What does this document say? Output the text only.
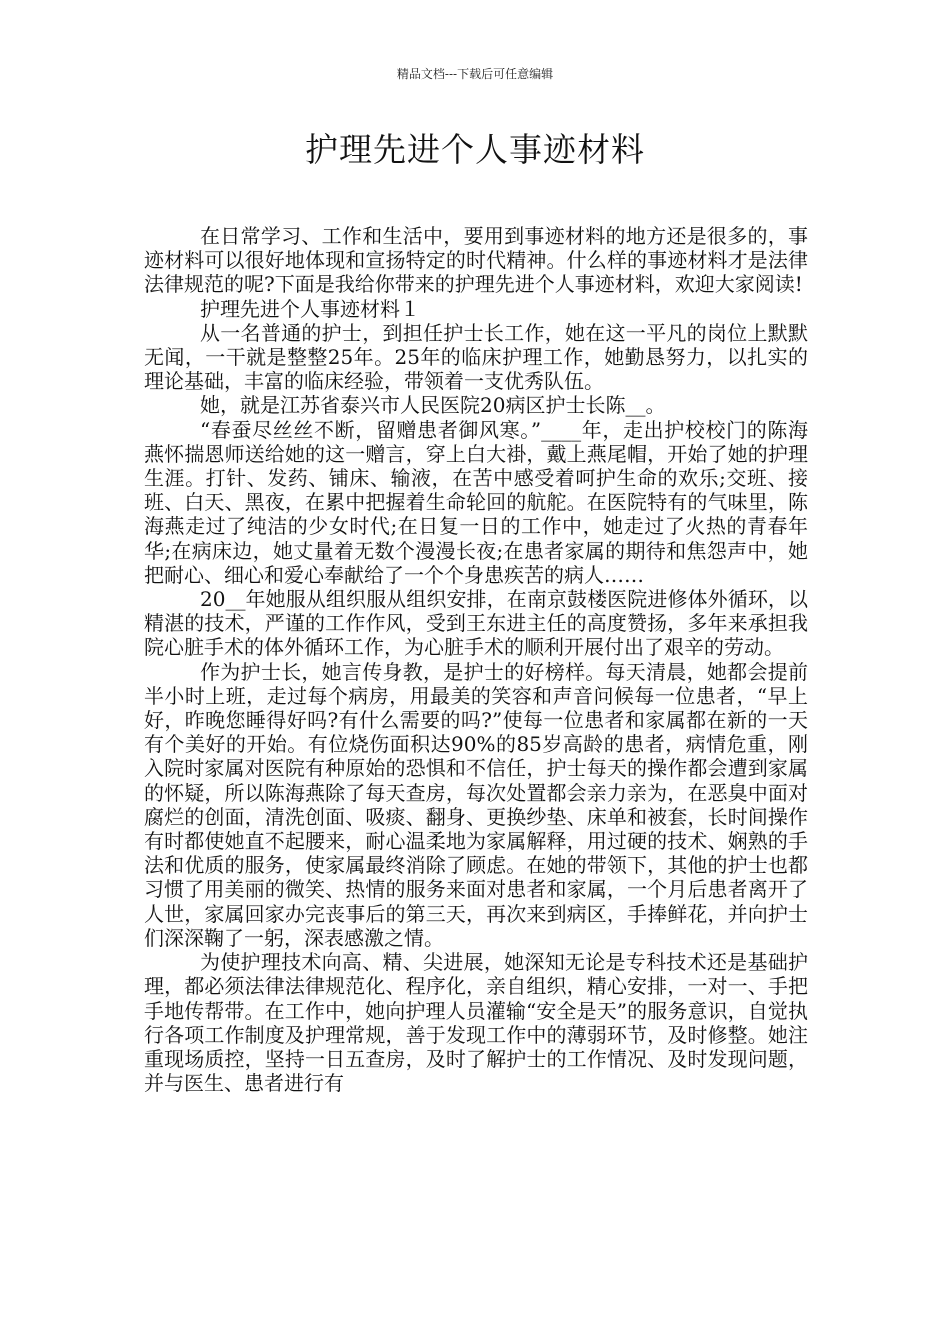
精品文档---下载后可任意编辑
护理先进个人事迹材料

在日常学习、工作和生活中，要用到事迹材料的地方还是很多的，事迹材料可以很好地体现和宣扬特定的时代精神。什么样的事迹材料才是法律法律规范的呢?下面是我给你带来的护理先进个人事迹材料，欢迎大家阅读!

护理先进个人事迹材料１

从一名普通的护士，到担任护士长工作，她在这一平凡的岗位上默默无闻，一干就是整整25年。25年的临床护理工作，她勤恳努力，以扎实的理论基础，丰富的临床经验，带领着一支优秀队伍。

她，就是江苏省泰兴市人民医院20病区护士长陈__。

“春蚕尽丝丝不断，留赠患者御风寒。”____年，走出护校校门的陈海燕怀揣恩师送给她的这一赠言，穿上白大褂，戴上燕尾帽，开始了她的护理生涯。打针、发药、铺床、输液，在苦中感受着呵护生命的欢乐;交班、接班、白天、黑夜，在累中把握着生命轮回的航舵。在医院特有的气味里，陈海燕走过了纯洁的少女时代;在日复一日的工作中，她走过了火热的青春年华;在病床边，她丈量着无数个漫漫长夜;在患者家属的期待和焦怨声中，她把耐心、细心和爱心奉献给了一个个身患疾苦的病人……

20__年她服从组织服从组织安排，在南京鼓楼医院进修体外循环，以精湛的技术，严谨的工作作风，受到王东进主任的高度赞扬，多年来承担我院心脏手术的体外循环工作，为心脏手术的顺利开展付出了艰辛的劳动。

作为护士长，她言传身教，是护士的好榜样。每天清晨，她都会提前半小时上班，走过每个病房，用最美的笑容和声音问候每一位患者，“早上好，昨晚您睡得好吗?有什么需要的吗?”使每一位患者和家属都在新的一天有个美好的开始。有位烧伤面积达90%的85岁高龄的患者，病情危重，刚入院时家属对医院有种原始的恐惧和不信任，护士每天的操作都会遭到家属的怀疑，所以陈海燕除了每天查房，每次处置都会亲力亲为，在恶臭中面对腐烂的创面，清洗创面、吸痰、翻身、更换纱垫、床单和被套，长时间操作有时都使她直不起腰来，耐心温柔地为家属解释，用过硬的技术、娴熟的手法和优质的服务，使家属最终消除了顾虑。在她的带领下，其他的护士也都习惯了用美丽的微笑、热情的服务来面对患者和家属，一个月后患者离开了人世，家属回家办完丧事后的第三天，再次来到病区，手捧鲜花，并向护士们深深鞠了一躬，深表感激之情。

为使护理技术向高、精、尖进展，她深知无论是专科技术还是基础护理，都必须法律法律规范化、程序化，亲自组织，精心安排，一对一、手把手地传帮带。在工作中，她向护理人员灌输“安全是天”的服务意识，自觉执行各项工作制度及护理常规，善于发现工作中的薄弱环节，及时修整。她注重现场质控，坚持一日五查房，及时了解护士的工作情况、及时发现问题，并与医生、患者进行有
